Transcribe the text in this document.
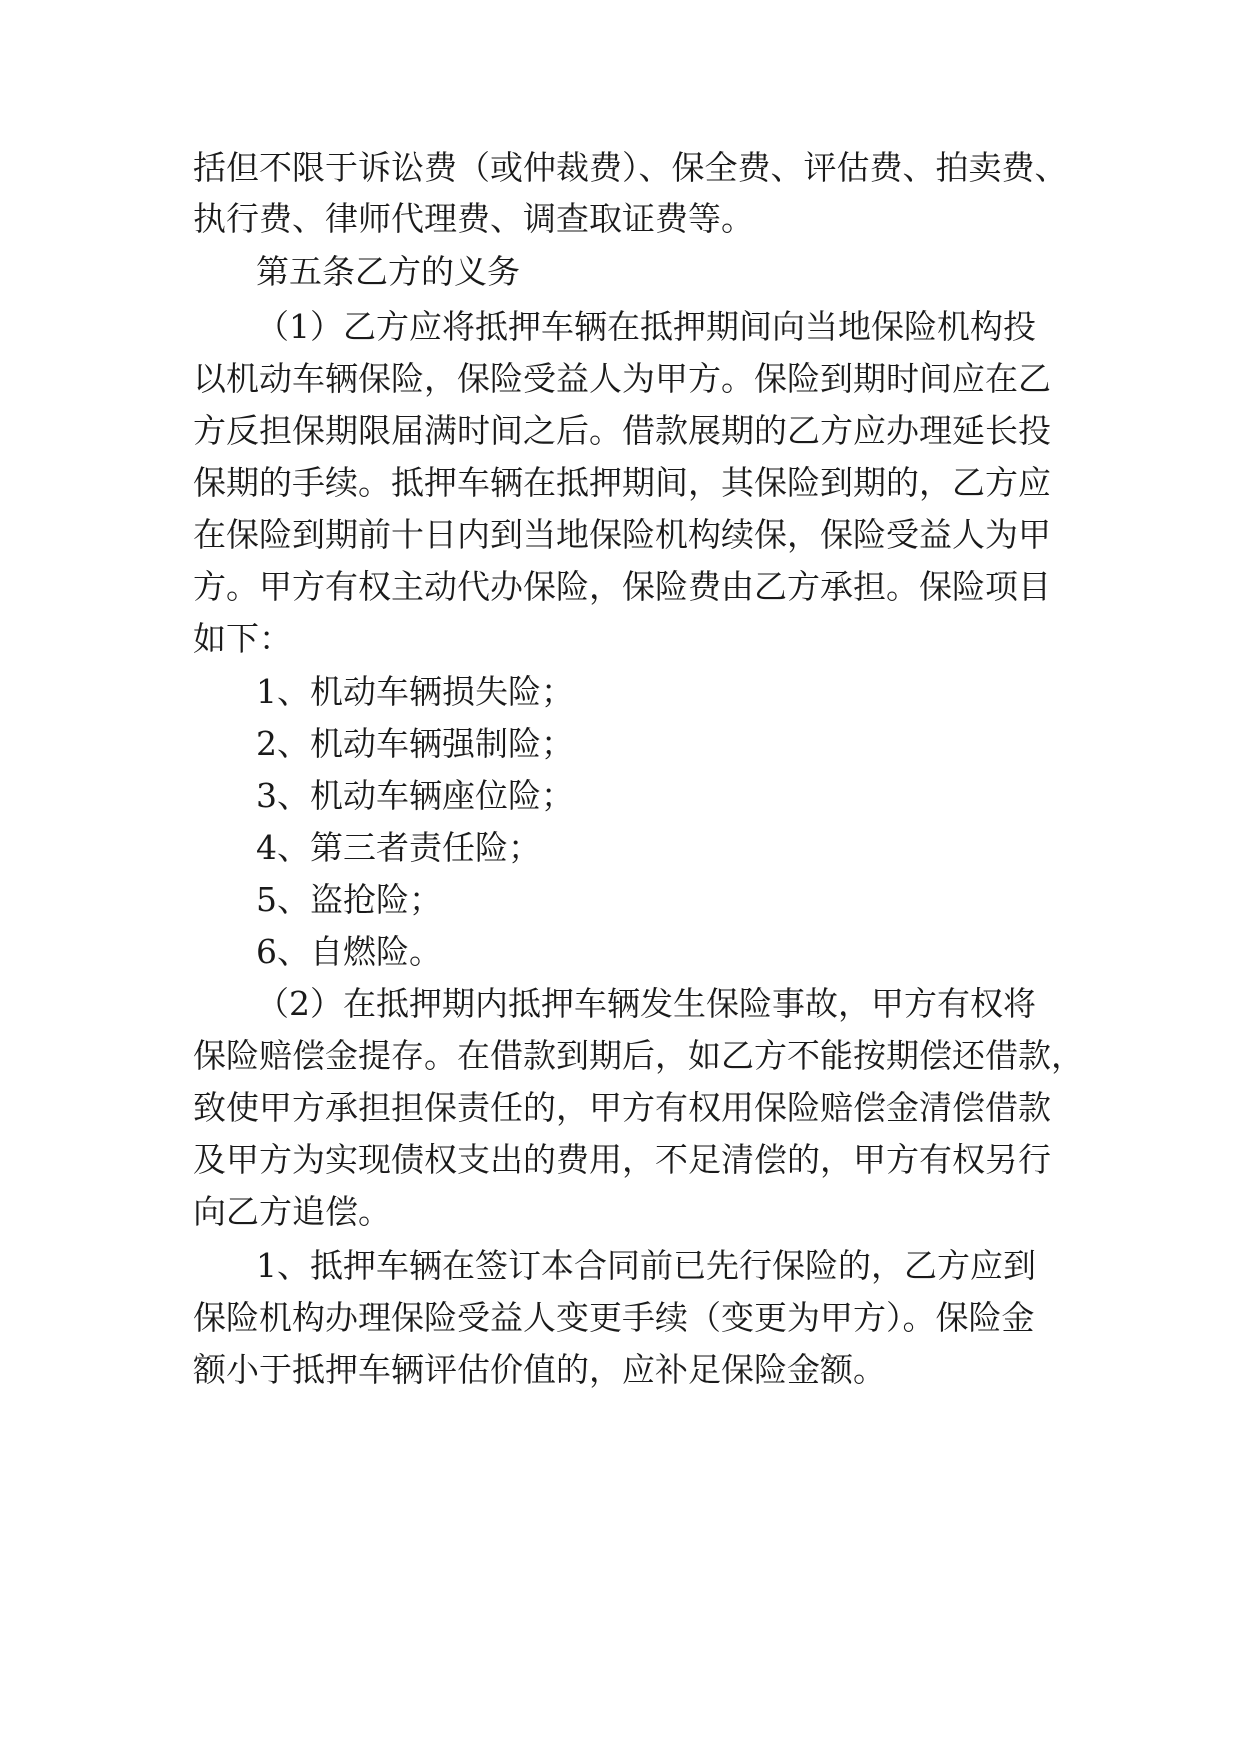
括但不限于诉讼费（或仲裁费）、保全费、评估费、拍卖费、
执行费、律师代理费、调查取证费等。
第五条乙方的义务
（1）乙方应将抵押车辆在抵押期间向当地保险机构投
以机动车辆保险，保险受益人为甲方。保险到期时间应在乙
方反担保期限届满时间之后。借款展期的乙方应办理延长投
保期的手续。抵押车辆在抵押期间，其保险到期的，乙方应
在保险到期前十日内到当地保险机构续保，保险受益人为甲
方。甲方有权主动代办保险，保险费由乙方承担。保险项目
如下：
1、机动车辆损失险；
2、机动车辆强制险；
3、机动车辆座位险；
4、第三者责任险；
5、盗抢险；
6、自燃险。
（2）在抵押期内抵押车辆发生保险事故，甲方有权将
保险赔偿金提存。在借款到期后，如乙方不能按期偿还借款，
致使甲方承担担保责任的，甲方有权用保险赔偿金清偿借款
及甲方为实现债权支出的费用，不足清偿的，甲方有权另行
向乙方追偿。
1、抵押车辆在签订本合同前已先行保险的，乙方应到
保险机构办理保险受益人变更手续（变更为甲方）。保险金
额小于抵押车辆评估价值的，应补足保险金额。
